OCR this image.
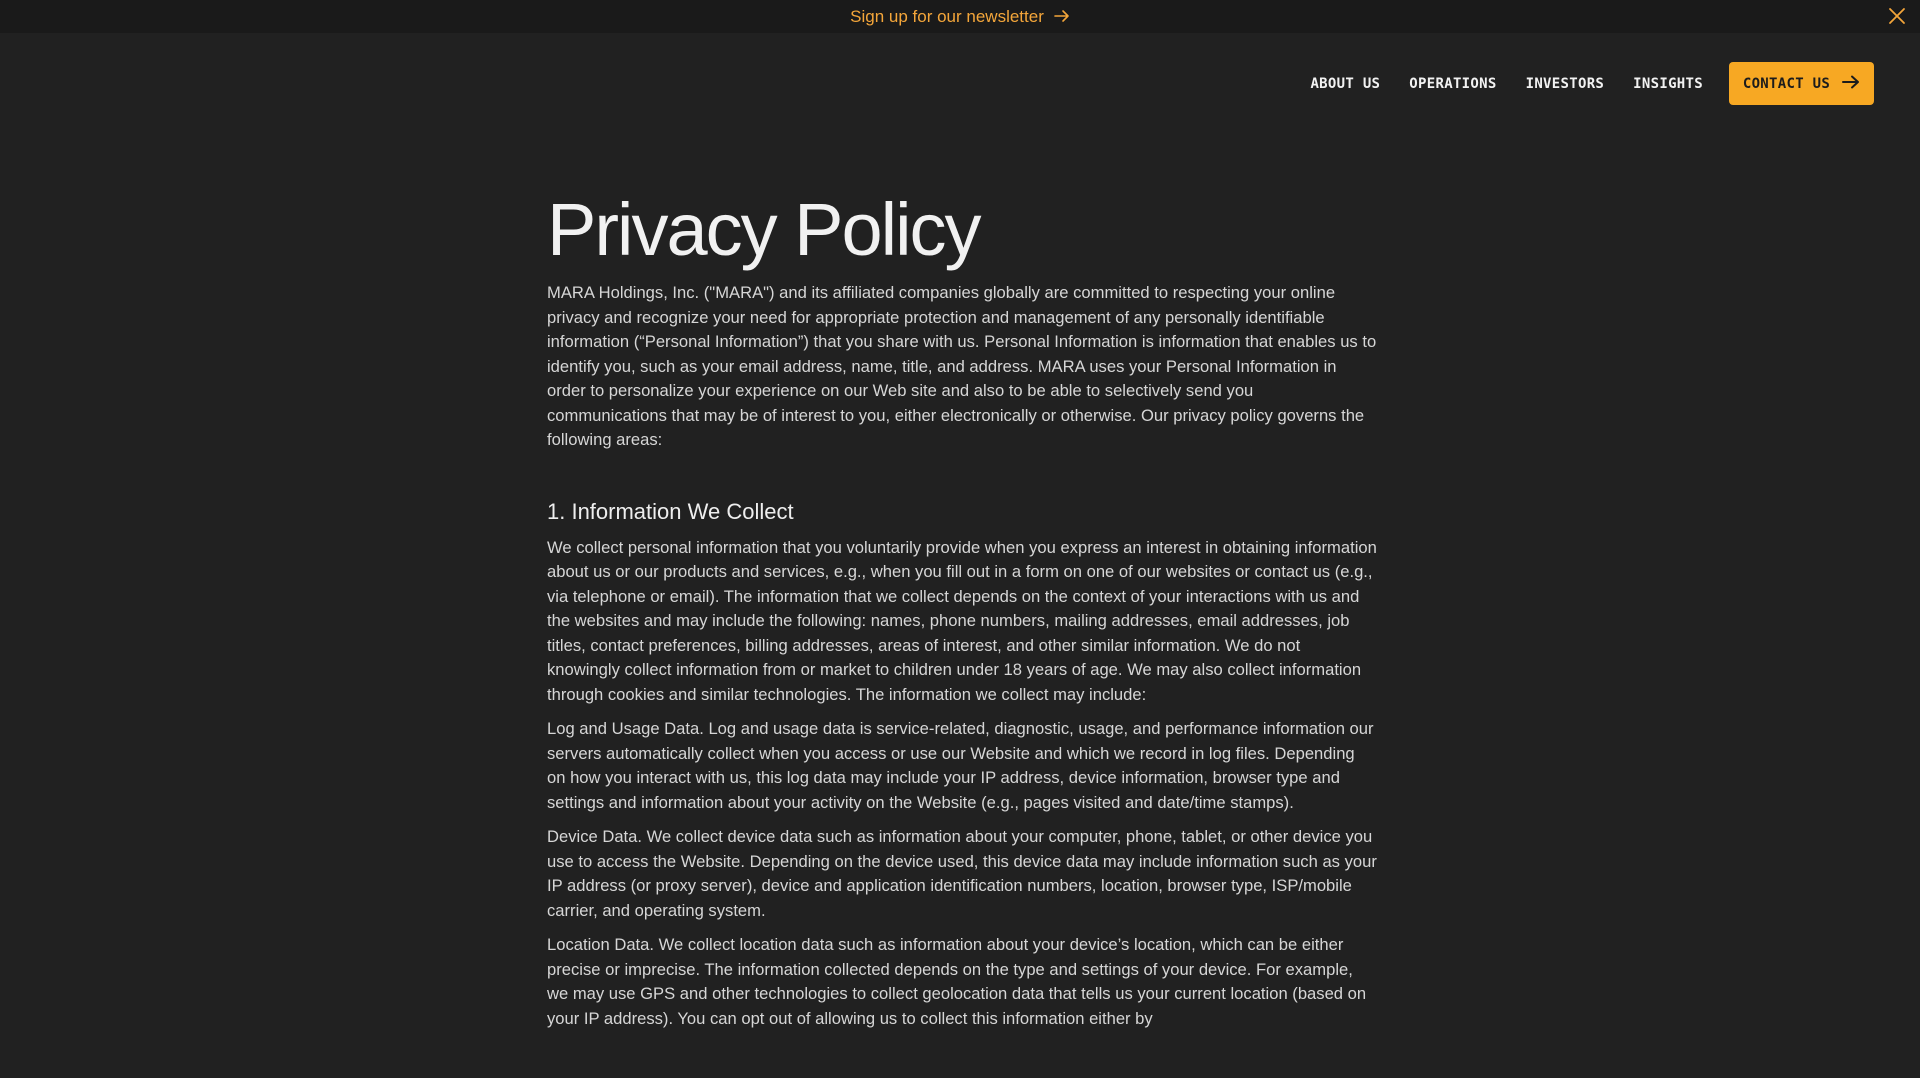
Sign up for our newsletter
ABOUT US OPERATIONS INVESTORS INSIGHTS	CONTACT US
Privacy Policy

MARA Holdings, Inc. ("MARA") and its affiliated companies globally are committed to respecting your online privacy and recognize your need for appropriate protection and management of any personally identifiable information (“Personal Information”) that you share with us. Personal Information is information that enables us to identify you, such as your email address, name, title, and address. MARA uses your Personal Information in order to personalize your experience on our Web site and also to be able to selectively send you communications that may be of interest to you, either electronically or otherwise. Our privacy policy governs the following areas:

1. Information We Collect

We collect personal information that you voluntarily provide when you express an interest in obtaining information about us or our products and services, e.g., when you fill out in a form on one of our websites or contact us (e.g., via telephone or email). The information that we collect depends on the context of your interactions with us and the websites and may include the following: names, phone numbers, mailing addresses, email addresses, job titles, contact preferences, billing addresses, areas of interest, and other similar information. We do not knowingly collect information from or market to children under 18 years of age. We may also collect information through cookies and similar technologies. The information we collect may include:

Log and Usage Data. Log and usage data is service-related, diagnostic, usage, and performance information our servers automatically collect when you access or use our Website and which we record in log files. Depending on how you interact with us, this log data may include your IP address, device information, browser type and settings and information about your activity on the Website (e.g., pages visited and date/time stamps).

Device Data. We collect device data such as information about your computer, phone, tablet, or other device you use to access the Website. Depending on the device used, this device data may include information such as your IP address (or proxy server), device and application identification numbers, location, browser type, ISP/mobile carrier, and operating system.

Location Data. We collect location data such as information about your device’s location, which can be either precise or imprecise. The information collected depends on the type and settings of your device. For example, we may use GPS and other technologies to collect geolocation data that tells us your current location (based on your IP address). You can opt out of allowing us to collect this information either by
